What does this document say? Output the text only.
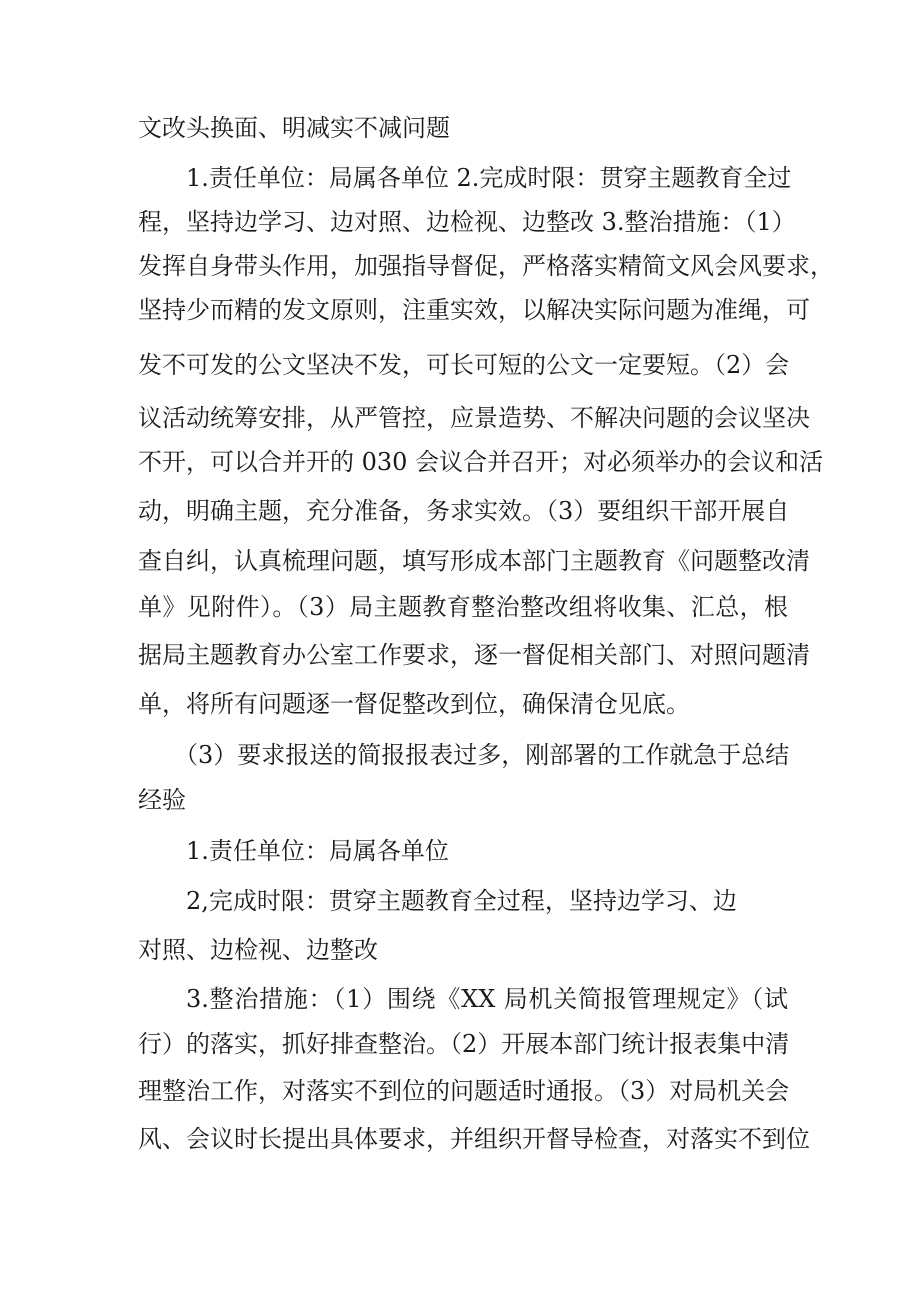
文改头换面、明减实不减问题
1.责任单位：局属各单位 2.完成时限：贯穿主题教育全过
程，坚持边学习、边对照、边检视、边整改 3.整治措施：（1）
发挥自身带头作用，加强指导督促，严格落实精简文风会风要求，
坚持少而精的发文原则，注重实效，以解决实际问题为准绳，可
发不可发的公文坚决不发，可长可短的公文一定要短。（2）会
议活动统筹安排，从严管控，应景造势、不解决问题的会议坚决
不开，可以合并开的 030 会议合并召开；对必须举办的会议和活
动，明确主题，充分准备，务求实效。（3）要组织干部开展自
查自纠，认真梳理问题，填写形成本部门主题教育《问题整改清
单》见附件）。（3）局主题教育整治整改组将收集、汇总，根
据局主题教育办公室工作要求，逐一督促相关部门、对照问题清
单，将所有问题逐一督促整改到位，确保清仓见底。
（3）要求报送的简报报表过多，刚部署的工作就急于总结
经验
1.责任单位：局属各单位
2,完成时限：贯穿主题教育全过程，坚持边学习、边
对照、边检视、边整改
3.整治措施：（1）围绕《XX 局机关简报管理规定》（试
行）的落实，抓好排查整治。（2）开展本部门统计报表集中清
理整治工作，对落实不到位的问题适时通报。（3）对局机关会
风、会议时长提出具体要求，并组织开督导检查，对落实不到位
